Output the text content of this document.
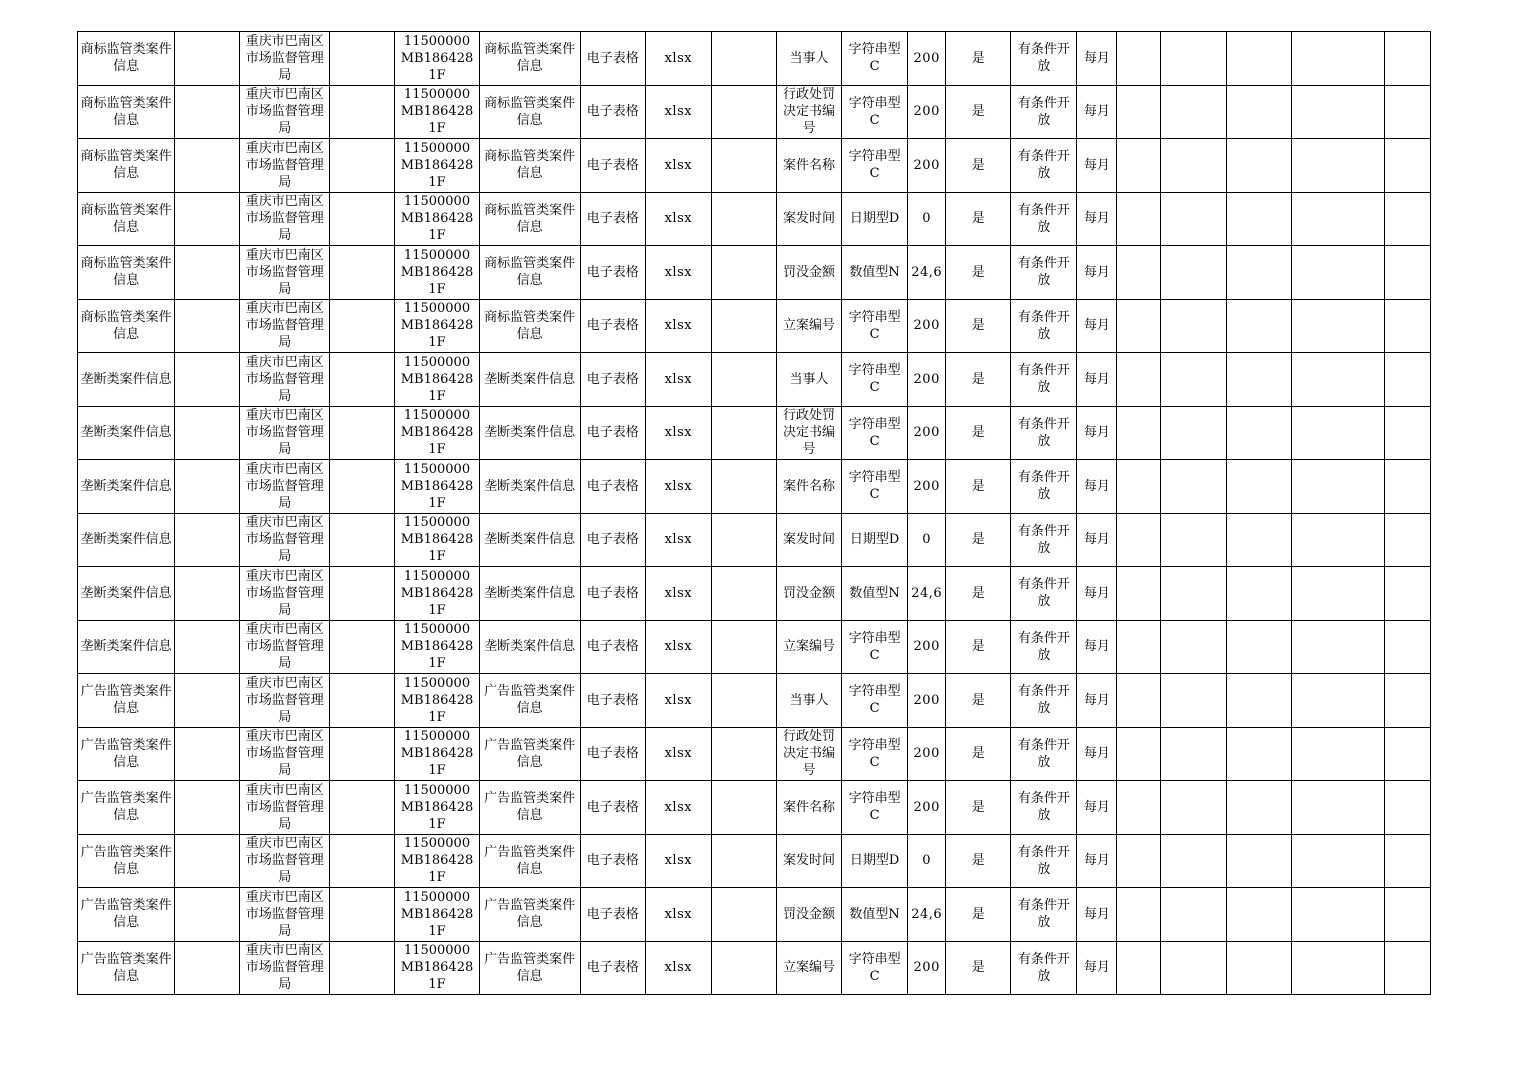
商标监管类案件信息		重庆市巴南区市场监督管理局		11500000MB1864281F	商标监管类案件信息	电子表格	xlsx		当事人	字符串型C	200	是	有条件开放	每月					
商标监管类案件信息		重庆市巴南区市场监督管理局		11500000MB1864281F	商标监管类案件信息	电子表格	xlsx		行政处罚决定书编号	字符串型C	200	是	有条件开放	每月					
商标监管类案件信息		重庆市巴南区市场监督管理局		11500000MB1864281F	商标监管类案件信息	电子表格	xlsx		案件名称	字符串型C	200	是	有条件开放	每月					
商标监管类案件信息		重庆市巴南区市场监督管理局		11500000MB1864281F	商标监管类案件信息	电子表格	xlsx		案发时间	日期型D	0	是	有条件开放	每月					
商标监管类案件信息		重庆市巴南区市场监督管理局		11500000MB1864281F	商标监管类案件信息	电子表格	xlsx		罚没金额	数值型N	24,6	是	有条件开放	每月					
商标监管类案件信息		重庆市巴南区市场监督管理局		11500000MB1864281F	商标监管类案件信息	电子表格	xlsx		立案编号	字符串型C	200	是	有条件开放	每月					
垄断类案件信息		重庆市巴南区市场监督管理局		11500000MB1864281F	垄断类案件信息	电子表格	xlsx		当事人	字符串型C	200	是	有条件开放	每月					
垄断类案件信息		重庆市巴南区市场监督管理局		11500000MB1864281F	垄断类案件信息	电子表格	xlsx		行政处罚决定书编号	字符串型C	200	是	有条件开放	每月					
垄断类案件信息		重庆市巴南区市场监督管理局		11500000MB1864281F	垄断类案件信息	电子表格	xlsx		案件名称	字符串型C	200	是	有条件开放	每月					
垄断类案件信息		重庆市巴南区市场监督管理局		11500000MB1864281F	垄断类案件信息	电子表格	xlsx		案发时间	日期型D	0	是	有条件开放	每月					
垄断类案件信息		重庆市巴南区市场监督管理局		11500000MB1864281F	垄断类案件信息	电子表格	xlsx		罚没金额	数值型N	24,6	是	有条件开放	每月					
垄断类案件信息		重庆市巴南区市场监督管理局		11500000MB1864281F	垄断类案件信息	电子表格	xlsx		立案编号	字符串型C	200	是	有条件开放	每月					
广告监管类案件信息		重庆市巴南区市场监督管理局		11500000MB1864281F	广告监管类案件信息	电子表格	xlsx		当事人	字符串型C	200	是	有条件开放	每月					
广告监管类案件信息		重庆市巴南区市场监督管理局		11500000MB1864281F	广告监管类案件信息	电子表格	xlsx		行政处罚决定书编号	字符串型C	200	是	有条件开放	每月					
广告监管类案件信息		重庆市巴南区市场监督管理局		11500000MB1864281F	广告监管类案件信息	电子表格	xlsx		案件名称	字符串型C	200	是	有条件开放	每月					
广告监管类案件信息		重庆市巴南区市场监督管理局		11500000MB1864281F	广告监管类案件信息	电子表格	xlsx		案发时间	日期型D	0	是	有条件开放	每月					
广告监管类案件信息		重庆市巴南区市场监督管理局		11500000MB1864281F	广告监管类案件信息	电子表格	xlsx		罚没金额	数值型N	24,6	是	有条件开放	每月					
广告监管类案件信息		重庆市巴南区市场监督管理局		11500000MB1864281F	广告监管类案件信息	电子表格	xlsx		立案编号	字符串型C	200	是	有条件开放	每月					
